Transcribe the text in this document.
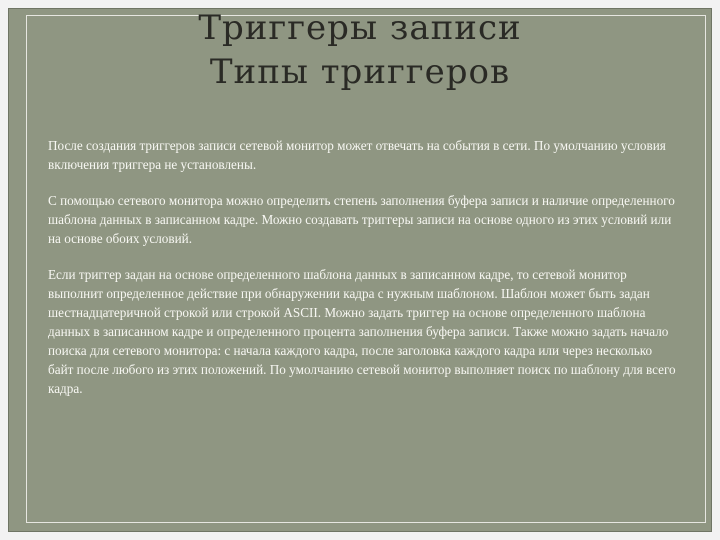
Триггеры записи
Типы триггеров

После создания триггеров записи сетевой монитор может отвечать на события в сети. По умолчанию условия включения триггера не установлены.

С помощью сетевого монитора можно определить степень заполнения буфера записи и наличие определенного шаблона данных в записанном кадре. Можно создавать триггеры записи на основе одного из этих условий или на основе обоих условий.

Если триггер задан на основе определенного шаблона данных в записанном кадре, то сетевой монитор выполнит определенное действие при обнаружении кадра с нужным шаблоном. Шаблон может быть задан шестнадцатеричной строкой или строкой ASCII. Можно задать триггер на основе определенного шаблона данных в записанном кадре и определенного процента заполнения буфера записи. Также можно задать начало поиска для сетевого монитора: с начала каждого кадра, после заголовка каждого кадра или через несколько байт после любого из этих положений. По умолчанию сетевой монитор выполняет поиск по шаблону для всего кадра.
